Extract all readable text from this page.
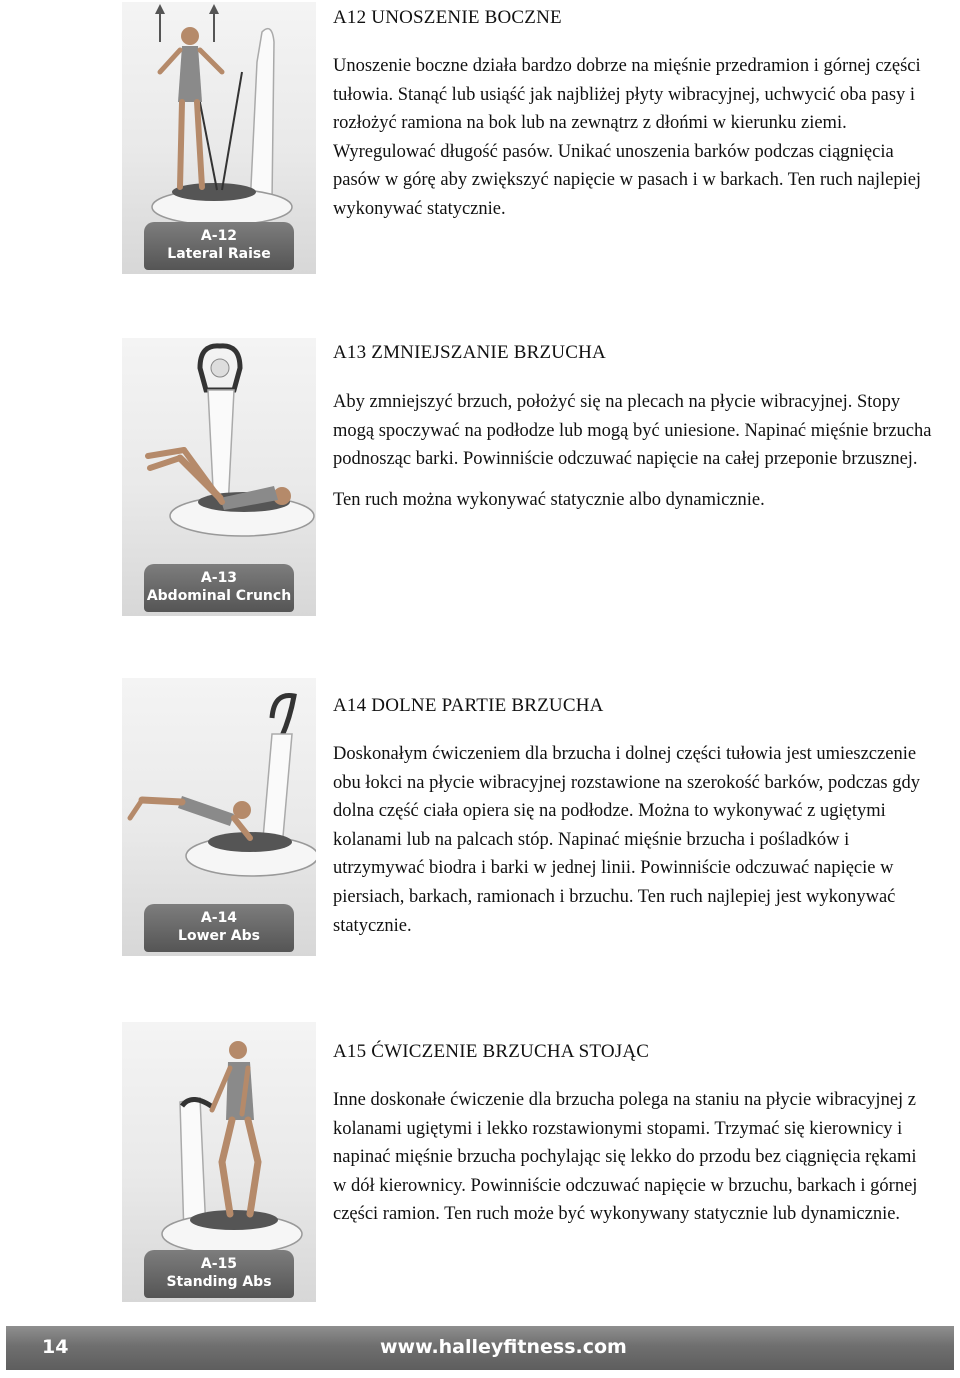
A-12
Lateral Raise
A12 UNOSZENIE BOCZNE

Unoszenie boczne działa bardzo dobrze na mięśnie przedramion i górnej części tułowia. Stanąć lub usiąść jak najbliżej płyty wibracyjnej, uchwycić oba pasy i rozłożyć ramiona na bok lub na zewnątrz z dłońmi w kierunku ziemi. Wyregulować długość pasów. Unikać unoszenia barków podczas ciągnięcia pasów w górę aby zwiększyć napięcie w pasach i w barkach. Ten ruch najlepiej wykonywać statycznie.

A-13
Abdominal Crunch
A13 ZMNIEJSZANIE BRZUCHA

Aby zmniejszyć brzuch, położyć się na plecach na płycie wibracyjnej. Stopy mogą spoczywać na podłodze lub mogą być uniesione. Napinać mięśnie brzucha podnosząc barki. Powinniście odczuwać napięcie na całej przeponie brzusznej.

Ten ruch można wykonywać statycznie albo dynamicznie.

A-14
Lower Abs
A14 DOLNE PARTIE BRZUCHA

Doskonałym ćwiczeniem dla brzucha i dolnej części tułowia jest umieszczenie obu łokci na płycie wibracyjnej rozstawione na szerokość barków, podczas gdy dolna część ciała opiera się na podłodze. Można to wykonywać z ugiętymi kolanami lub na palcach stóp. Napinać mięśnie brzucha i pośladków i utrzymywać biodra i barki w jednej linii. Powinniście odczuwać napięcie w piersiach, barkach, ramionach i brzuchu. Ten ruch najlepiej jest wykonywać statycznie.

A-15
Standing Abs
A15 ĆWICZENIE BRZUCHA STOJĄC

Inne doskonałe ćwiczenie dla brzucha polega na staniu na płycie wibracyjnej z kolanami ugiętymi i lekko rozstawionymi stopami. Trzymać się kierownicy i napinać mięśnie brzucha pochylając się lekko do przodu bez ciągnięcia rękami w dół kierownicy. Powinniście odczuwać napięcie w brzuchu, barkach i górnej części ramion. Ten ruch może być wykonywany statycznie lub dynamicznie.

14	www.halleyfitness.com
